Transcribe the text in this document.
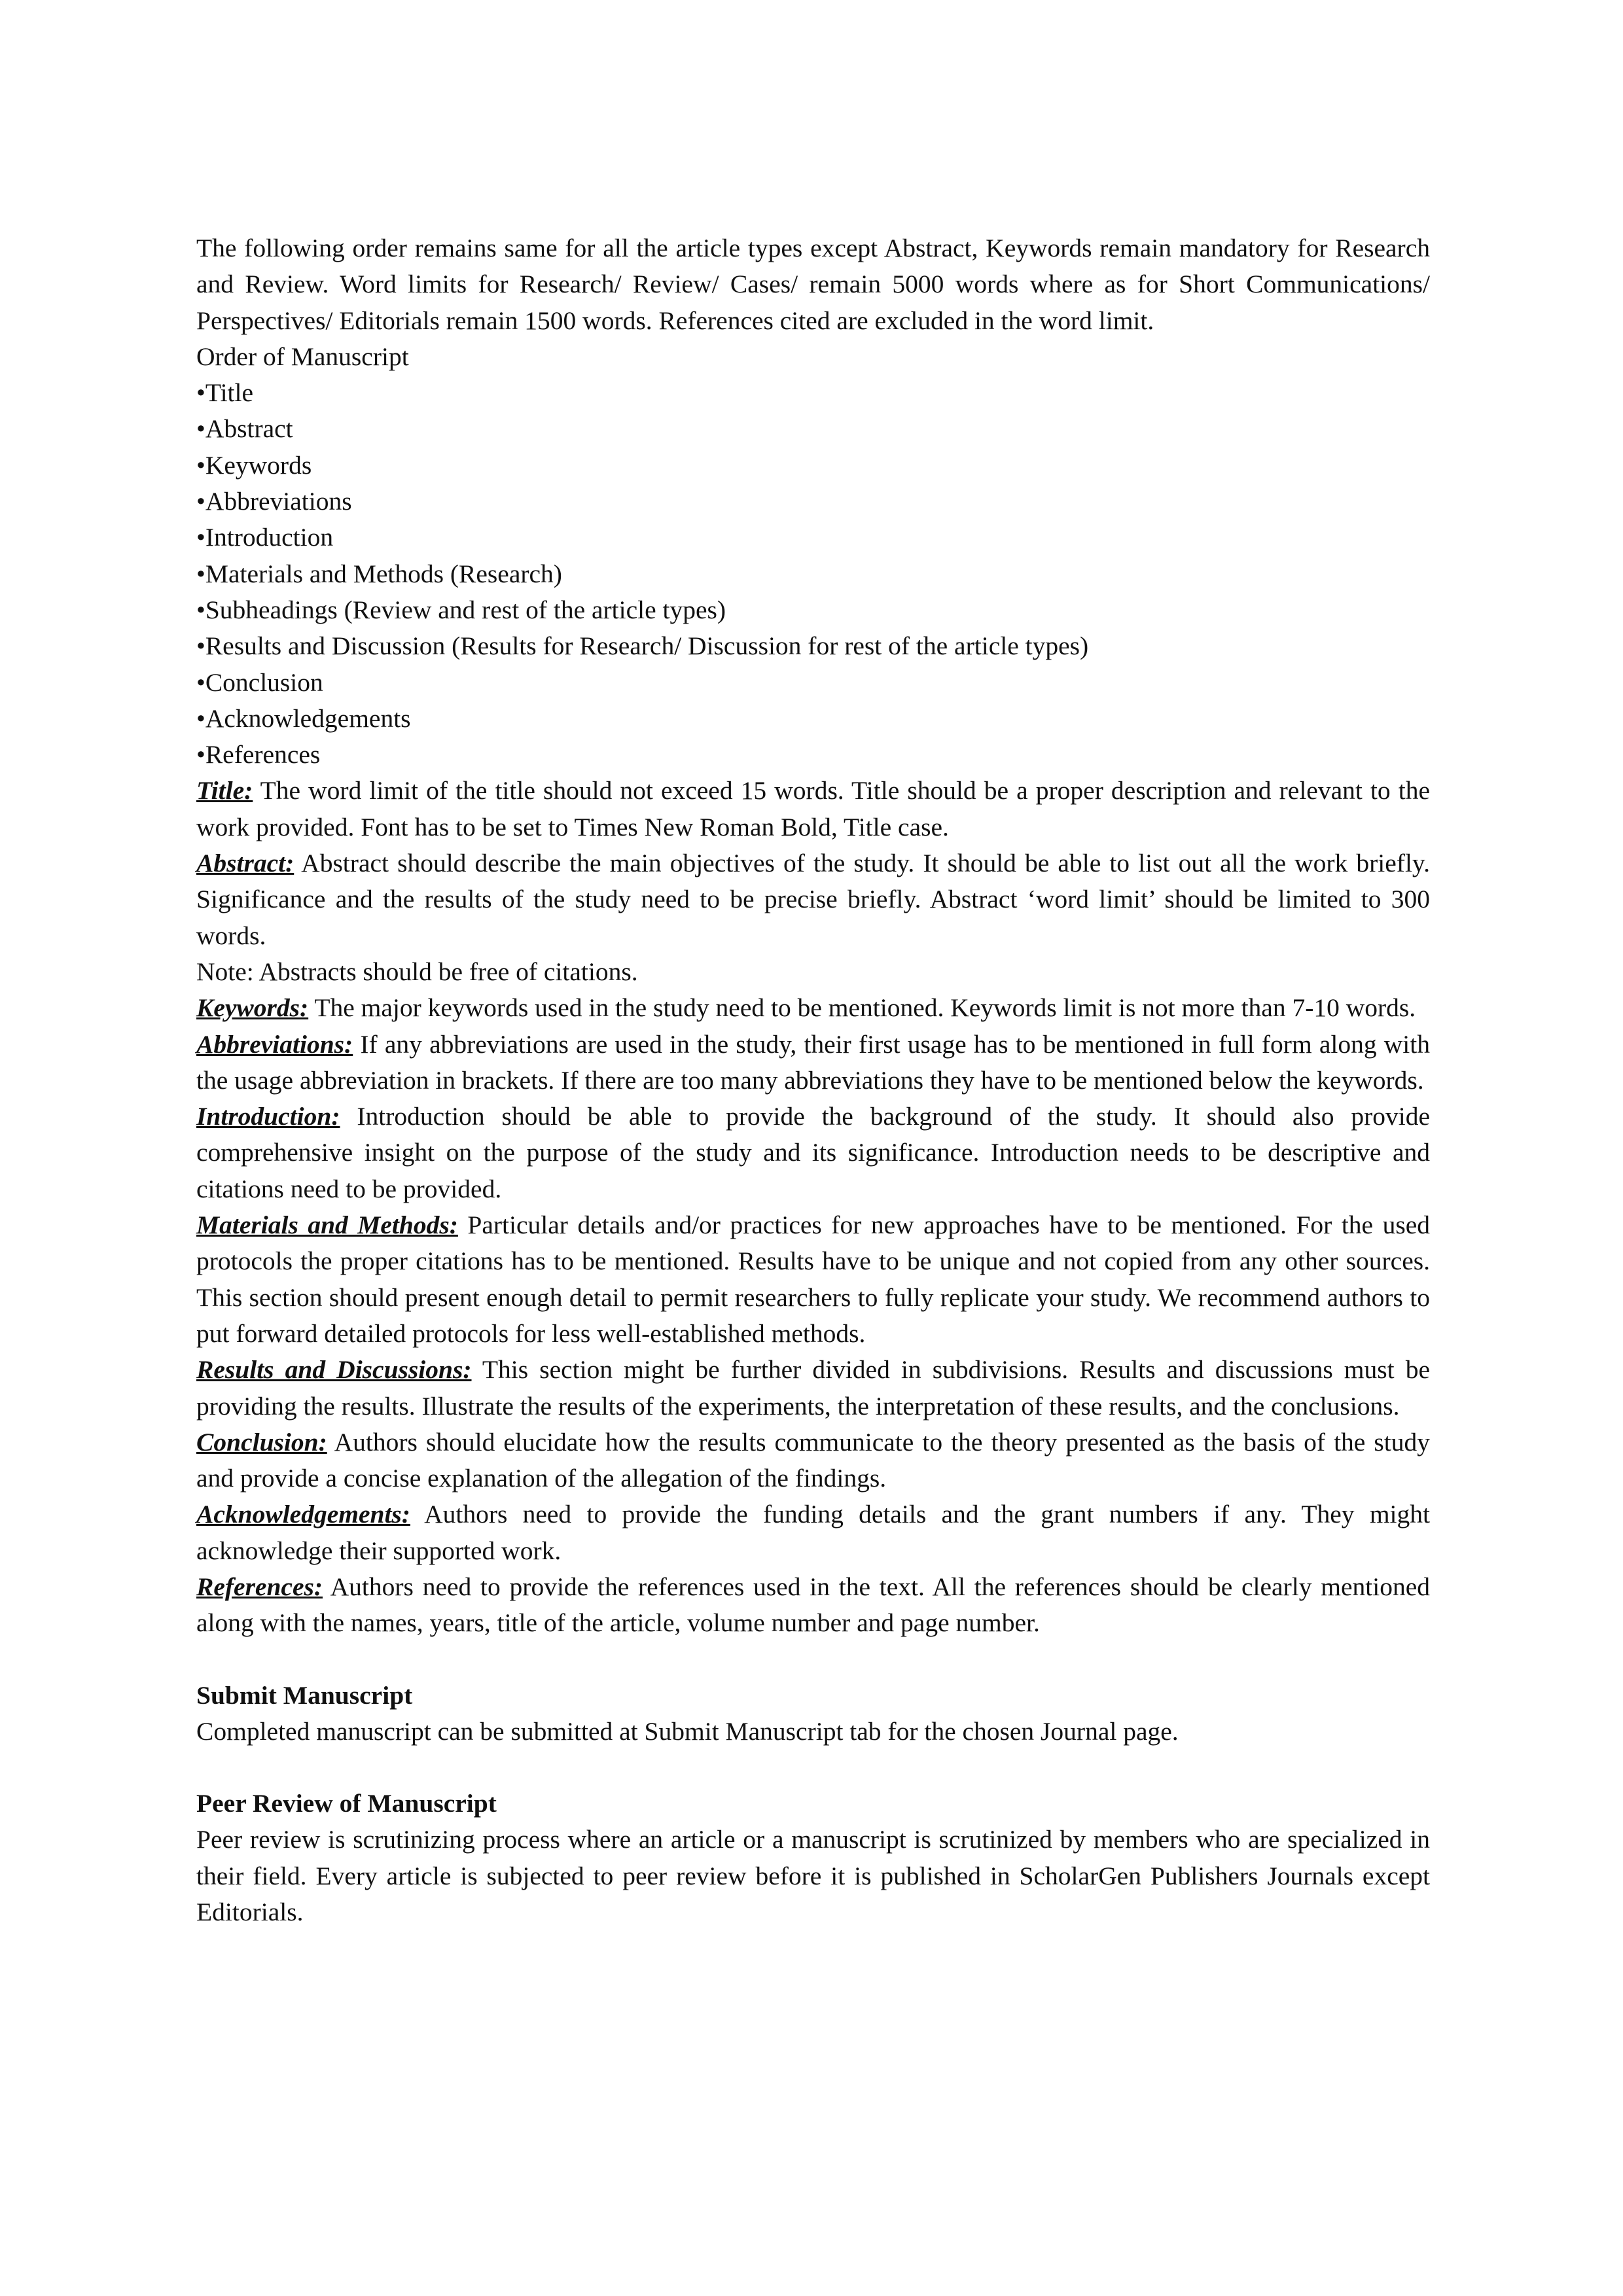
The following order remains same for all the article types except Abstract, Keywords remain mandatory for Research and Review. Word limits for Research/ Review/ Cases/ remain 5000 words where as for Short Communications/ Perspectives/ Editorials remain 1500 words. References cited are excluded in the word limit.

Order of Manuscript

•Title
•Abstract
•Keywords
•Abbreviations
•Introduction
•Materials and Methods (Research)
•Subheadings (Review and rest of the article types)
•Results and Discussion (Results for Research/ Discussion for rest of the article types)
•Conclusion
•Acknowledgements
•References

Title: The word limit of the title should not exceed 15 words. Title should be a proper description and relevant to the work provided. Font has to be set to Times New Roman Bold, Title case.

Abstract: Abstract should describe the main objectives of the study. It should be able to list out all the work briefly. Significance and the results of the study need to be precise briefly. Abstract ‘word limit’ should be limited to 300 words.

Note: Abstracts should be free of citations.

Keywords: The major keywords used in the study need to be mentioned. Keywords limit is not more than 7-10 words.

Abbreviations: If any abbreviations are used in the study, their first usage has to be mentioned in full form along with the usage abbreviation in brackets. If there are too many abbreviations they have to be mentioned below the keywords.

Introduction: Introduction should be able to provide the background of the study. It should also provide comprehensive insight on the purpose of the study and its significance. Introduction needs to be descriptive and citations need to be provided.

Materials and Methods: Particular details and/or practices for new approaches have to be mentioned. For the used protocols the proper citations has to be mentioned. Results have to be unique and not copied from any other sources. This section should present enough detail to permit researchers to fully replicate your study. We recommend authors to put forward detailed protocols for less well-established methods.

Results and Discussions: This section might be further divided in subdivisions. Results and discussions must be providing the results. Illustrate the results of the experiments, the interpretation of these results, and the conclusions.

Conclusion: Authors should elucidate how the results communicate to the theory presented as the basis of the study and provide a concise explanation of the allegation of the findings.

Acknowledgements: Authors need to provide the funding details and the grant numbers if any. They might acknowledge their supported work.

References: Authors need to provide the references used in the text. All the references should be clearly mentioned along with the names, years, title of the article, volume number and page number.

Submit Manuscript

Completed manuscript can be submitted at Submit Manuscript tab for the chosen Journal page.

Peer Review of Manuscript

Peer review is scrutinizing process where an article or a manuscript is scrutinized by members who are specialized in their field. Every article is subjected to peer review before it is published in ScholarGen Publishers Journals except Editorials.
